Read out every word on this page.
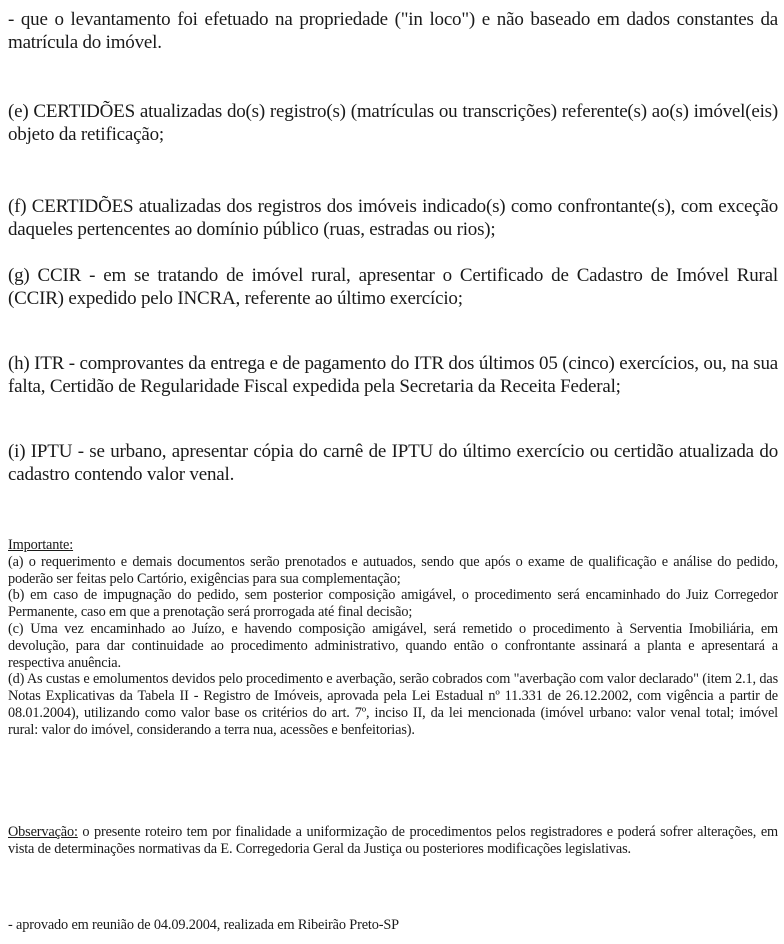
- que o levantamento foi efetuado na propriedade ("in loco") e não baseado em dados constantes da matrícula do imóvel.

(e) CERTIDÕES atualizadas do(s) registro(s) (matrículas ou transcrições) referente(s) ao(s) imóvel(eis) objeto da retificação;

(f) CERTIDÕES atualizadas dos registros dos imóveis indicado(s) como confrontante(s), com exceção daqueles pertencentes ao domínio público (ruas, estradas ou rios);

(g) CCIR - em se tratando de imóvel rural, apresentar o Certificado de Cadastro de Imóvel Rural (CCIR) expedido pelo INCRA, referente ao último exercício;

(h) ITR - comprovantes da entrega e de pagamento do ITR dos últimos 05 (cinco) exercícios, ou, na sua falta, Certidão de Regularidade Fiscal expedida pela Secretaria da Receita Federal;

(i) IPTU - se urbano, apresentar cópia do carnê de IPTU do último exercício ou certidão atualizada do cadastro contendo valor venal.

Importante:

(a) o requerimento e demais documentos serão prenotados e autuados, sendo que após o exame de qualificação e análise do pedido, poderão ser feitas pelo Cartório, exigências para sua complementação;

(b) em caso de impugnação do pedido, sem posterior composição amigável, o procedimento será encaminhado do Juiz Corregedor Permanente, caso em que a prenotação será prorrogada até final decisão;

(c) Uma vez encaminhado ao Juízo, e havendo composição amigável, será remetido o procedimento à Serventia Imobiliária, em devolução, para dar continuidade ao procedimento administrativo, quando então o confrontante assinará a planta e apresentará a respectiva anuência.

(d) As custas e emolumentos devidos pelo procedimento e averbação, serão cobrados com "averbação com valor declarado" (item 2.1, das Notas Explicativas da Tabela II - Registro de Imóveis, aprovada pela Lei Estadual nº 11.331 de 26.12.2002, com vigência a partir de 08.01.2004), utilizando como valor base os critérios do art. 7º, inciso II, da lei mencionada (imóvel urbano: valor venal total; imóvel rural: valor do imóvel, considerando a terra nua, acessões e benfeitorias).

Observação: o presente roteiro tem por finalidade a uniformização de procedimentos pelos registradores e poderá sofrer alterações, em vista de determinações normativas da E. Corregedoria Geral da Justiça ou posteriores modificações legislativas.

- aprovado em reunião de 04.09.2004, realizada em Ribeirão Preto-SP
